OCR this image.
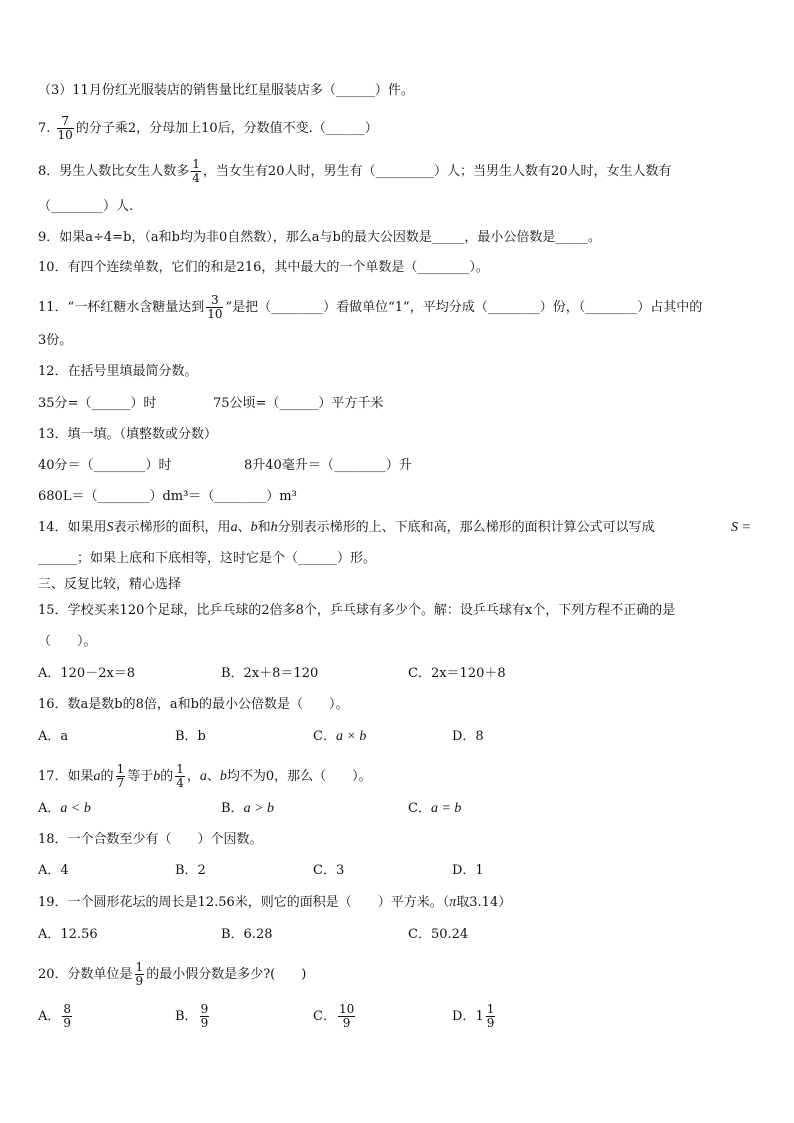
（3）11月份红光服装店的销售量比红星服装店多（______）件。
7. $\frac{7}{10}$ 的分子乘2，分母加上10后，分数值不变.（______）
8．男生人数比女生人数多 $\frac{1}{4}$ ，当女生有20人时，男生有（_________）人；当男生人数有20人时，女生人数有
（________）人.
9．如果a÷4=b，（a和b均为非0自然数），那么a与b的最大公因数是_____，最小公倍数是_____。
10．有四个连续单数，它们的和是216，其中最大的一个单数是（________）。
11．“一杯红糖水含糖量达到 $\frac{3}{10}$ ”是把（________）看做单位“1”，平均分成（________）份，（________）占其中的
3份。
12．在括号里填最简分数。
35分=（______）时	75公顷=（______）平方千米
13．填一填。（填整数或分数）
40分＝（________）时	8升40毫升＝（________）升
680L＝（________）dm³＝（________）m³
14．如果用S表示梯形的面积，用a、b和h分别表示梯形的上、下底和高，那么梯形的面积计算公式可以写成	S =
______；如果上底和下底相等，这时它是个（______）形。
三、反复比较，精心选择
15．学校买来120个足球，比乒乓球的2倍多8个，乒乓球有多少个。解：设乒乓球有x个，下列方程不正确的是
（　　）。
A．120－2x＝8	B．2x＋8＝120	C．2x＝120＋8
16．数a是数b的8倍，a和b的最小公倍数是（　　）。
A．a	B．b	C．a × b	D．8
17．如果a的 $\frac{1}{7}$ 等于b的 $\frac{1}{4}$ ，a、b均不为0，那么（　　）。
A．a < b	B．a > b	C．a = b
18．一个合数至少有（　　）个因数。
A．4	B．2	C．3	D．1
19．一个圆形花坛的周长是12.56米，则它的面积是（　　）平方米。（π取3.14）
A．12.56	B．6.28	C．50.24
20．分数单位是 $\frac{1}{9}$ 的最小假分数是多少?(　　)
A． $\frac{8}{9}$	B． $\frac{9}{9}$	C． $\frac{10}{9}$	D．$1 \frac{1}{9}$
